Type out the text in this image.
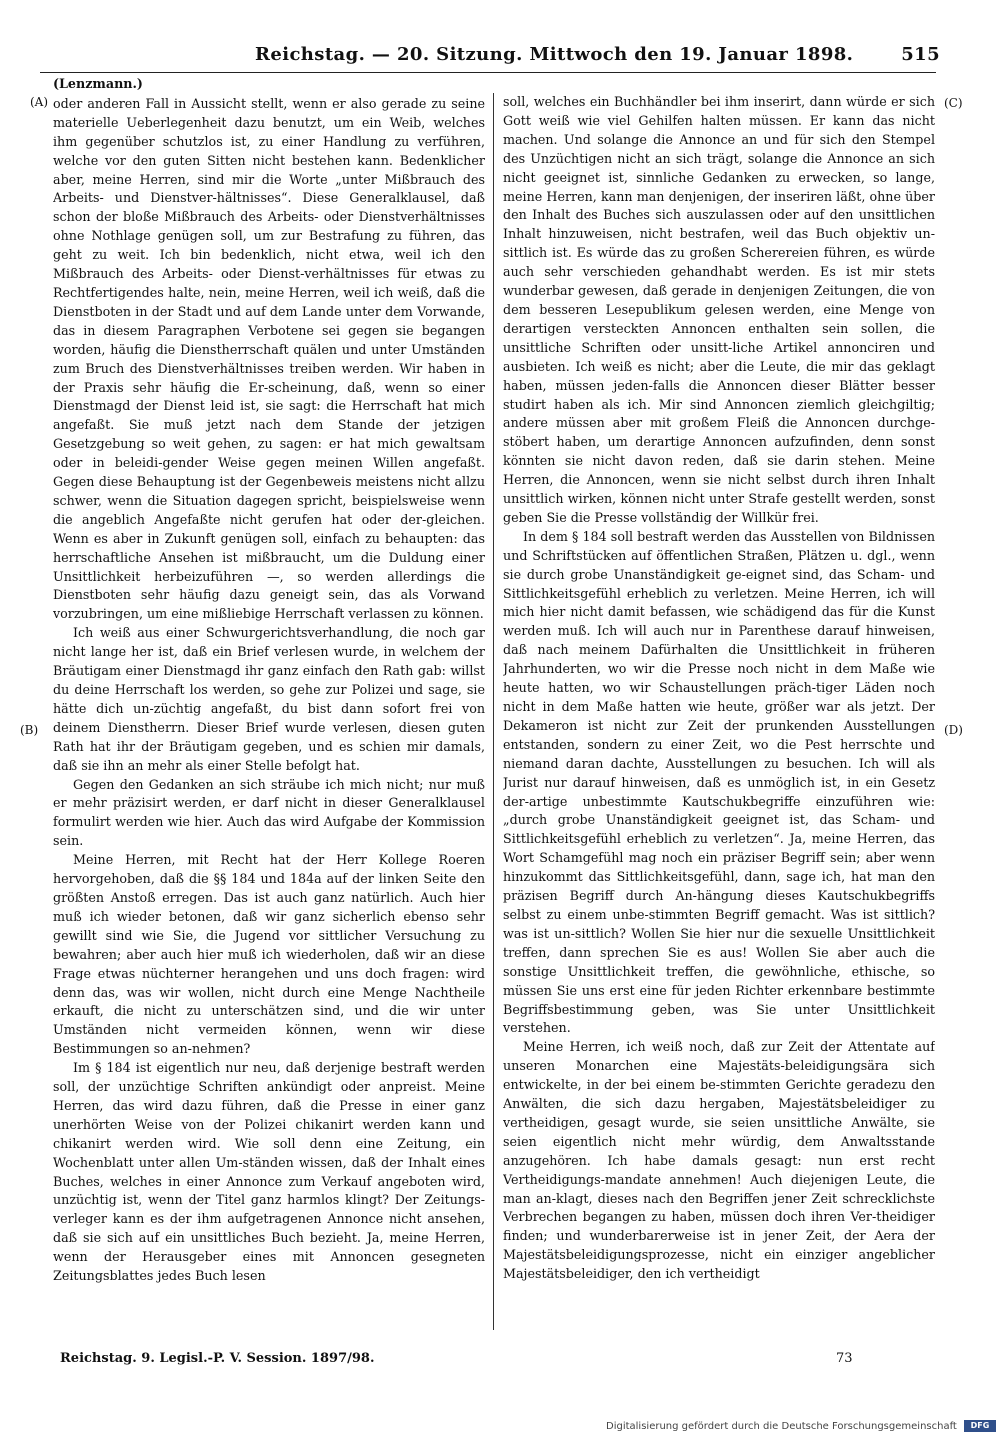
Reichstag. — 20. Sitzung. Mittwoch den 19. Januar 1898.	515
(A)
(B)
(C)
(D)

(Lenzmann.)

oder anderen Fall in Aussicht stellt, wenn er also gerade zu seine materielle Ueberlegenheit dazu benutzt, um ein Weib, welches ihm gegenüber schutzlos ist, zu einer Handlung zu verführen, welche vor den guten Sitten nicht bestehen kann. Bedenklicher aber, meine Herren, sind mir die Worte „unter Mißbrauch des Arbeits- und Dienstver-hältnisses“. Diese Generalklausel, daß schon der bloße Mißbrauch des Arbeits- oder Dienstverhältnisses ohne Nothlage genügen soll, um zur Bestrafung zu führen, das geht zu weit. Ich bin bedenklich, nicht etwa, weil ich den Mißbrauch des Arbeits- oder Dienst-verhältnisses für etwas zu Rechtfertigendes halte, nein, meine Herren, weil ich weiß, daß die Dienstboten in der Stadt und auf dem Lande unter dem Vorwande, das in diesem Paragraphen Verbotene sei gegen sie begangen worden, häufig die Dienstherrschaft quälen und unter Umständen zum Bruch des Dienstverhältnisses treiben werden. Wir haben in der Praxis sehr häufig die Er-scheinung, daß, wenn so einer Dienstmagd der Dienst leid ist, sie sagt: die Herrschaft hat mich angefaßt. Sie muß jetzt nach dem Stande der jetzigen Gesetzgebung so weit gehen, zu sagen: er hat mich gewaltsam oder in beleidi-gender Weise gegen meinen Willen angefaßt. Gegen diese Behauptung ist der Gegenbeweis meistens nicht allzu schwer, wenn die Situation dagegen spricht, beispielsweise wenn die angeblich Angefaßte nicht gerufen hat oder der-gleichen. Wenn es aber in Zukunft genügen soll, einfach zu behaupten: das herrschaftliche Ansehen ist mißbraucht, um die Duldung einer Unsittlichkeit herbeizuführen —, so werden allerdings die Dienstboten sehr häufig dazu geneigt sein, das als Vorwand vorzubringen, um eine mißliebige Herrschaft verlassen zu können.

Ich weiß aus einer Schwurgerichtsverhandlung, die noch gar nicht lange her ist, daß ein Brief verlesen wurde, in welchem der Bräutigam einer Dienstmagd ihr ganz einfach den Rath gab: willst du deine Herrschaft los werden, so gehe zur Polizei und sage, sie hätte dich un-züchtig angefaßt, du bist dann sofort frei von deinem Dienstherrn. Dieser Brief wurde verlesen, diesen guten Rath hat ihr der Bräutigam gegeben, und es schien mir damals, daß sie ihn an mehr als einer Stelle befolgt hat.

Gegen den Gedanken an sich sträube ich mich nicht; nur muß er mehr präzisirt werden, er darf nicht in dieser Generalklausel formulirt werden wie hier. Auch das wird Aufgabe der Kommission sein.

Meine Herren, mit Recht hat der Herr Kollege Roeren hervorgehoben, daß die §§ 184 und 184a auf der linken Seite den größten Anstoß erregen. Das ist auch ganz natürlich. Auch hier muß ich wieder betonen, daß wir ganz sicherlich ebenso sehr gewillt sind wie Sie, die Jugend vor sittlicher Versuchung zu bewahren; aber auch hier muß ich wiederholen, daß wir an diese Frage etwas nüchterner herangehen und uns doch fragen: wird denn das, was wir wollen, nicht durch eine Menge Nachtheile erkauft, die nicht zu unterschätzen sind, und die wir unter Umständen nicht vermeiden können, wenn wir diese Bestimmungen so an-nehmen?

Im § 184 ist eigentlich nur neu, daß derjenige bestraft werden soll, der unzüchtige Schriften ankündigt oder anpreist. Meine Herren, das wird dazu führen, daß die Presse in einer ganz unerhörten Weise von der Polizei chikanirt werden kann und chikanirt werden wird. Wie soll denn eine Zeitung, ein Wochenblatt unter allen Um-ständen wissen, daß der Inhalt eines Buches, welches in einer Annonce zum Verkauf angeboten wird, unzüchtig ist, wenn der Titel ganz harmlos klingt? Der Zeitungs-verleger kann es der ihm aufgetragenen Annonce nicht ansehen, daß sie sich auf ein unsittliches Buch bezieht. Ja, meine Herren, wenn der Herausgeber eines mit Annoncen gesegneten Zeitungsblattes jedes Buch lesen

soll, welches ein Buchhändler bei ihm inserirt, dann würde er sich Gott weiß wie viel Gehilfen halten müssen. Er kann das nicht machen. Und solange die Annonce an und für sich den Stempel des Unzüchtigen nicht an sich trägt, solange die Annonce an sich nicht geeignet ist, sinnliche Gedanken zu erwecken, so lange, meine Herren, kann man denjenigen, der inseriren läßt, ohne über den Inhalt des Buches sich auszulassen oder auf den unsittlichen Inhalt hinzuweisen, nicht bestrafen, weil das Buch objektiv un-sittlich ist. Es würde das zu großen Scherereien führen, es würde auch sehr verschieden gehandhabt werden. Es ist mir stets wunderbar gewesen, daß gerade in denjenigen Zeitungen, die von dem besseren Lesepublikum gelesen werden, eine Menge von derartigen versteckten Annoncen enthalten sein sollen, die unsittliche Schriften oder unsitt-liche Artikel annonciren und ausbieten. Ich weiß es nicht; aber die Leute, die mir das geklagt haben, müssen jeden-falls die Annoncen dieser Blätter besser studirt haben als ich. Mir sind Annoncen ziemlich gleichgiltig; andere müssen aber mit großem Fleiß die Annoncen durchge-stöbert haben, um derartige Annoncen aufzufinden, denn sonst könnten sie nicht davon reden, daß sie darin stehen. Meine Herren, die Annoncen, wenn sie nicht selbst durch ihren Inhalt unsittlich wirken, können nicht unter Strafe gestellt werden, sonst geben Sie die Presse vollständig der Willkür frei.

In dem § 184 soll bestraft werden das Ausstellen von Bildnissen und Schriftstücken auf öffentlichen Straßen, Plätzen u. dgl., wenn sie durch grobe Unanständigkeit ge-eignet sind, das Scham- und Sittlichkeitsgefühl erheblich zu verletzen. Meine Herren, ich will mich hier nicht damit befassen, wie schädigend das für die Kunst werden muß. Ich will auch nur in Parenthese darauf hinweisen, daß nach meinem Dafürhalten die Unsittlichkeit in früheren Jahrhunderten, wo wir die Presse noch nicht in dem Maße wie heute hatten, wo wir Schaustellungen präch-tiger Läden noch nicht in dem Maße hatten wie heute, größer war als jetzt. Der Dekameron ist nicht zur Zeit der prunkenden Ausstellungen entstanden, sondern zu einer Zeit, wo die Pest herrschte und niemand daran dachte, Ausstellungen zu besuchen. Ich will als Jurist nur darauf hinweisen, daß es unmöglich ist, in ein Gesetz der-artige unbestimmte Kautschukbegriffe einzuführen wie: „durch grobe Unanständigkeit geeignet ist, das Scham- und Sittlichkeitsgefühl erheblich zu verletzen“. Ja, meine Herren, das Wort Schamgefühl mag noch ein präziser Begriff sein; aber wenn hinzukommt das Sittlichkeitsgefühl, dann, sage ich, hat man den präzisen Begriff durch An-hängung dieses Kautschukbegriffs selbst zu einem unbe-stimmten Begriff gemacht. Was ist sittlich? was ist un-sittlich? Wollen Sie hier nur die sexuelle Unsittlichkeit treffen, dann sprechen Sie es aus! Wollen Sie aber auch die sonstige Unsittlichkeit treffen, die gewöhnliche, ethische, so müssen Sie uns erst eine für jeden Richter erkennbare bestimmte Begriffsbestimmung geben, was Sie unter Unsittlichkeit verstehen.

Meine Herren, ich weiß noch, daß zur Zeit der Attentate auf unseren Monarchen eine Majestäts-beleidigungsära sich entwickelte, in der bei einem be-stimmten Gerichte geradezu den Anwälten, die sich dazu hergaben, Majestätsbeleidiger zu vertheidigen, gesagt wurde, sie seien unsittliche Anwälte, sie seien eigentlich nicht mehr würdig, dem Anwaltsstande anzugehören. Ich habe damals gesagt: nun erst recht Vertheidigungs-mandate annehmen! Auch diejenigen Leute, die man an-klagt, dieses nach den Begriffen jener Zeit schrecklichste Verbrechen begangen zu haben, müssen doch ihren Ver-theidiger finden; und wunderbarerweise ist in jener Zeit, der Aera der Majestätsbeleidigungsprozesse, nicht ein einziger angeblicher Majestätsbeleidiger, den ich vertheidigt

Reichstag. 9. Legisl.-P. V. Session. 1897/98.	73
Digitalisierung gefördert durch die Deutsche Forschungsgemeinschaft	DFG
